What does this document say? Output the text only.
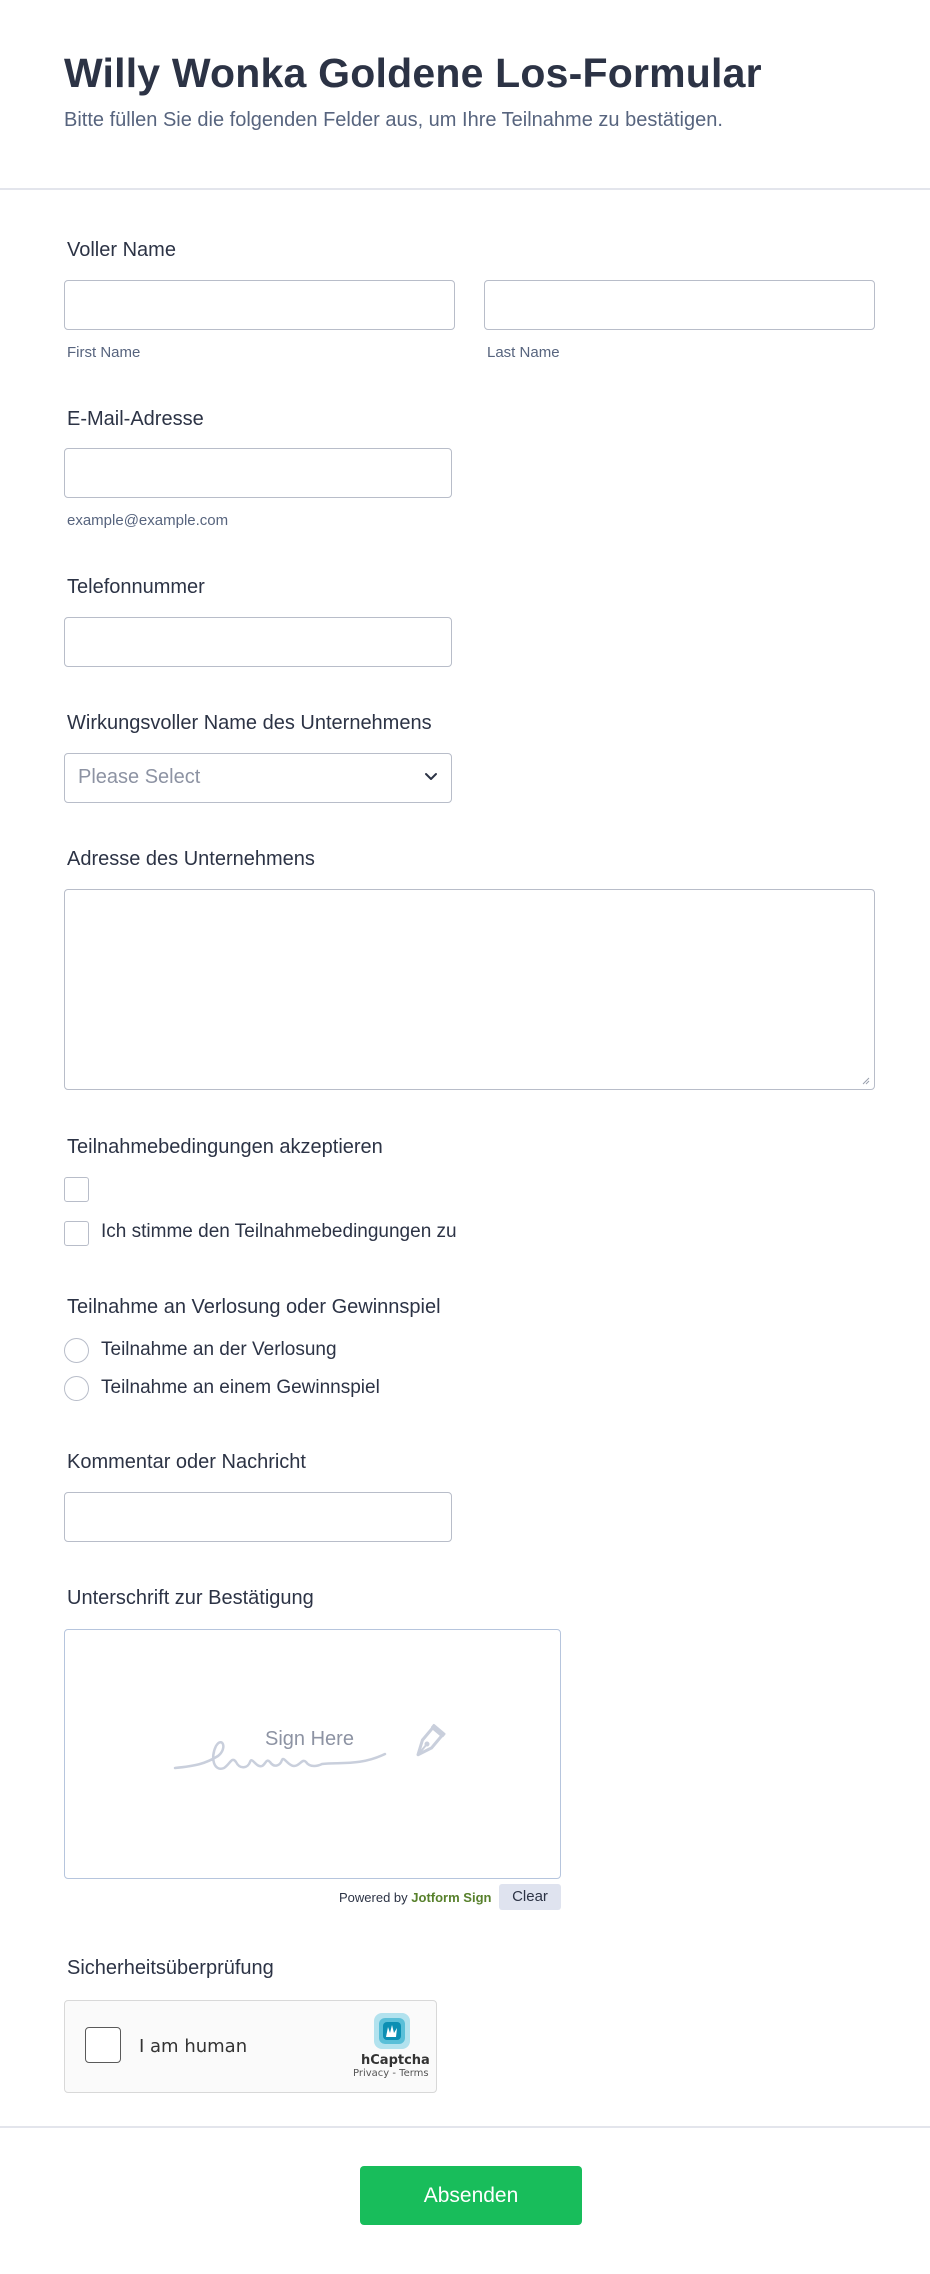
Willy Wonka Goldene Los-Formular
Bitte füllen Sie die folgenden Felder aus, um Ihre Teilnahme zu bestätigen.
Voller Name
First Name	Last Name
E-Mail-Adresse
example@example.com
Telefonnummer
Wirkungsvoller Name des Unternehmens
Please Select
Adresse des Unternehmens
Teilnahmebedingungen akzeptieren
Ich stimme den Teilnahmebedingungen zu
Teilnahme an Verlosung oder Gewinnspiel
Teilnahme an der Verlosung
Teilnahme an einem Gewinnspiel
Kommentar oder Nachricht
Unterschrift zur Bestätigung
Sign Here
Powered by Jotform Sign	Clear
Sicherheitsüberprüfung
I am human
hCaptcha
Privacy - Terms
Absenden
